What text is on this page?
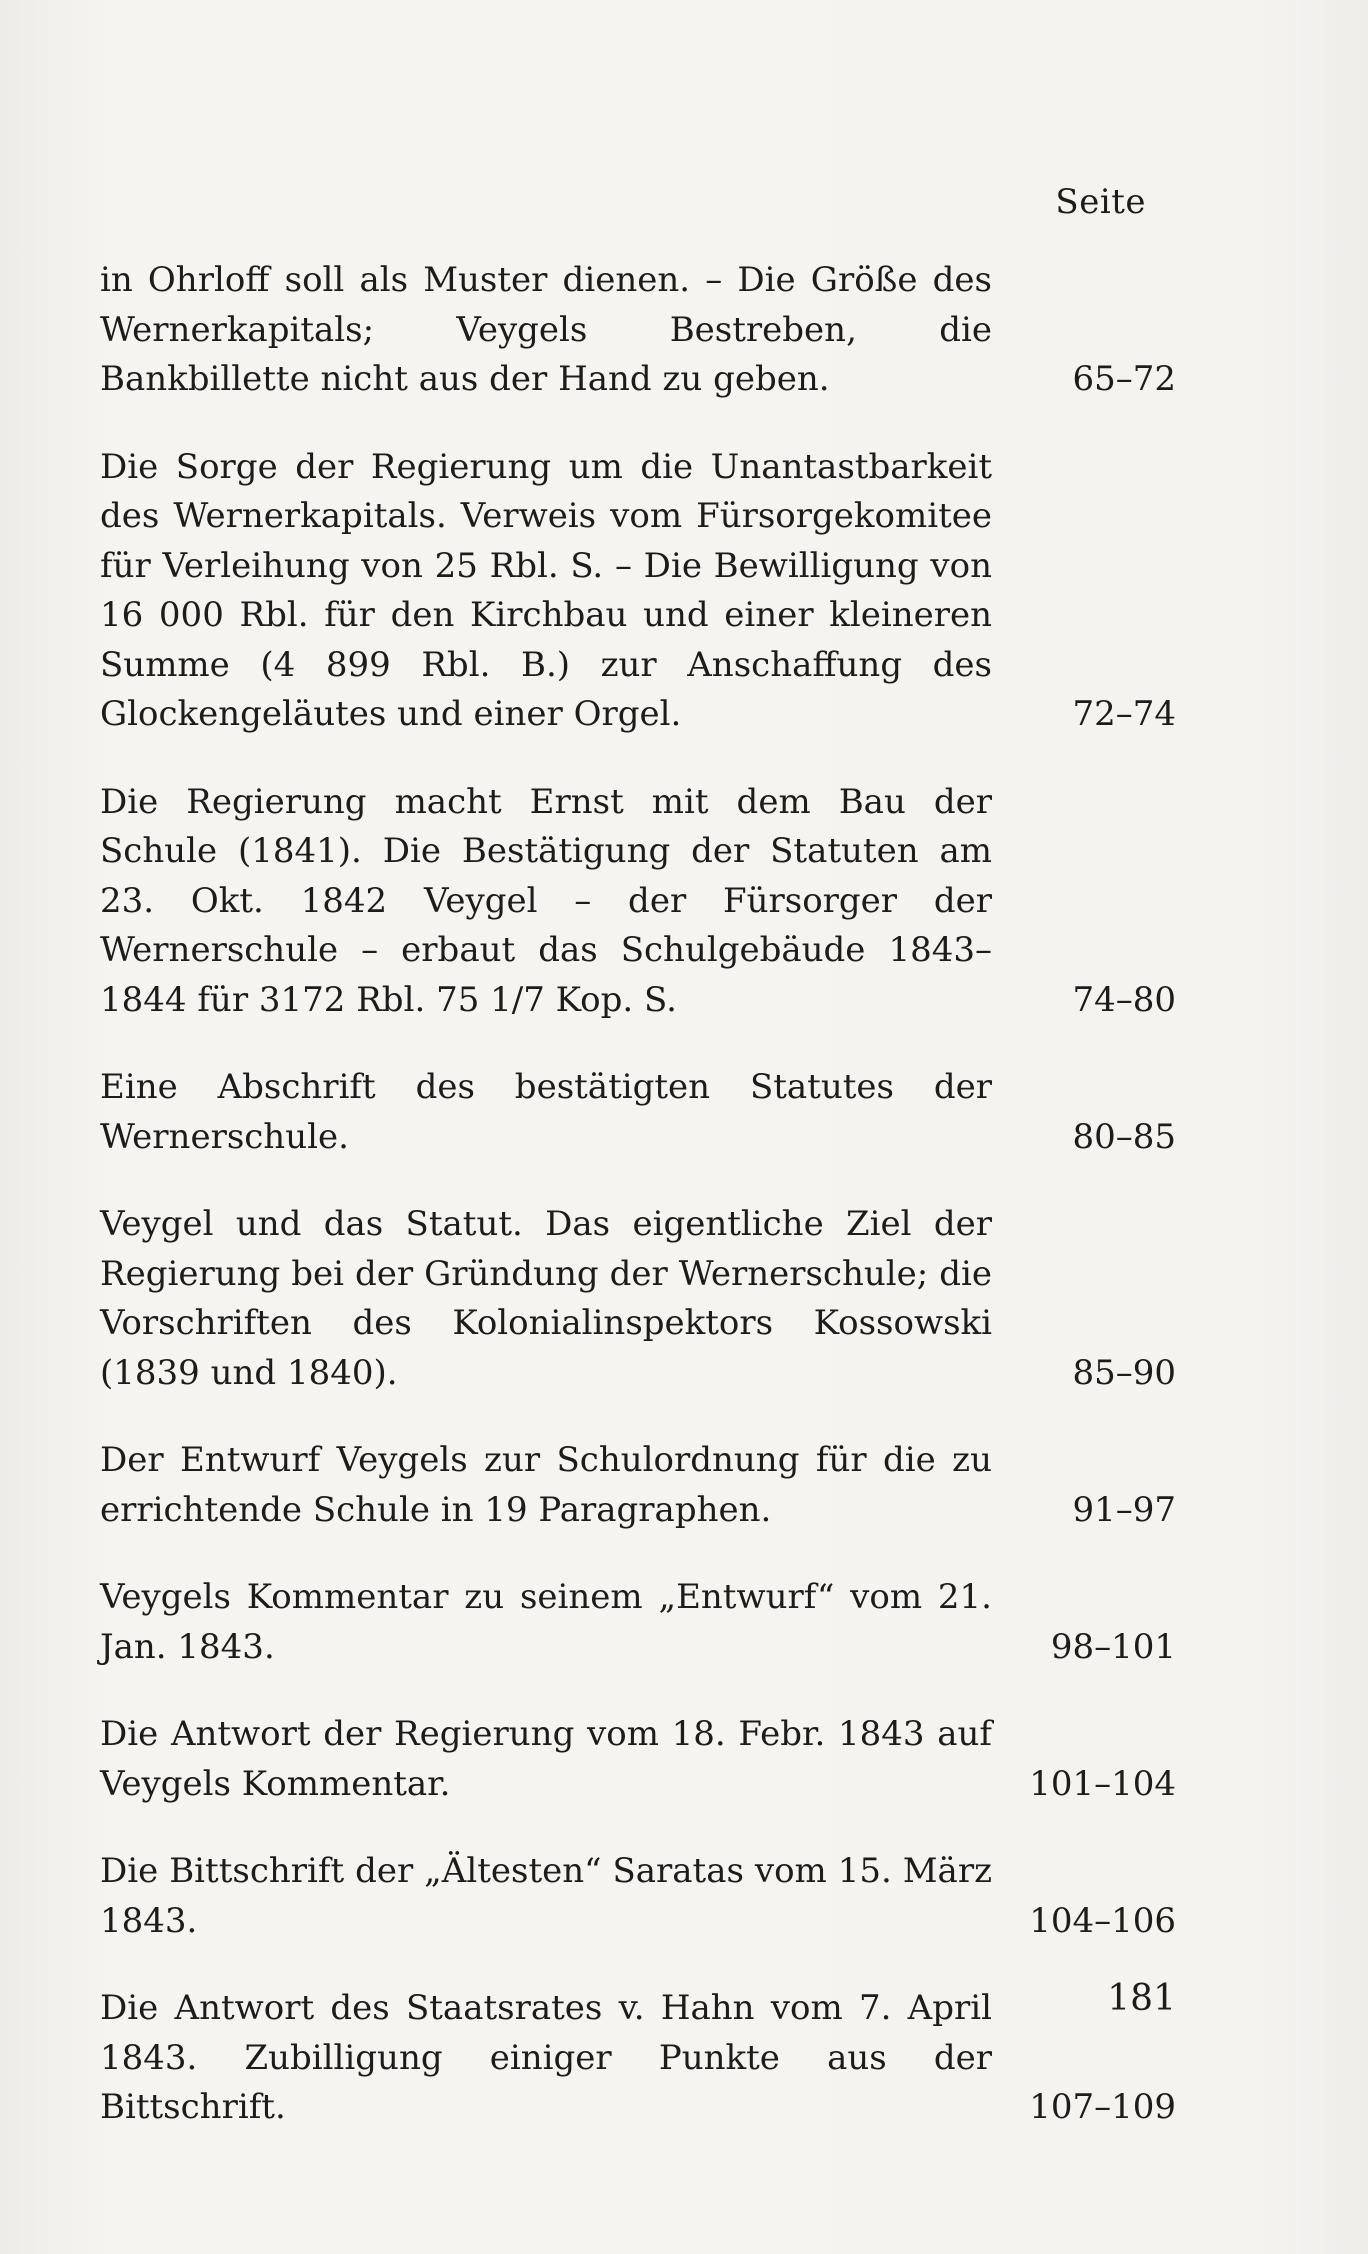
Seite
in Ohrloff soll als Muster dienen. – Die Größe des Wernerkapitals; Veygels Bestreben, die Bankbillette nicht aus der Hand zu geben.	65–72
Die Sorge der Regierung um die Unantastbarkeit des Wernerkapitals. Verweis vom Fürsorgekomitee für Verleihung von 25 Rbl. S. – Die Bewilligung von 16 000 Rbl. für den Kirchbau und einer kleineren Summe (4 899 Rbl. B.) zur Anschaffung des Glockengeläutes und einer Orgel.	72–74
Die Regierung macht Ernst mit dem Bau der Schule (1841). Die Bestätigung der Statuten am 23. Okt. 1842 Veygel – der Fürsorger der Wernerschule – erbaut das Schulgebäude 1843–1844 für 3172 Rbl. 75 1/7 Kop. S.	74–80
Eine Abschrift des bestätigten Statutes der Wernerschule.	80–85
Veygel und das Statut. Das eigentliche Ziel der Regierung bei der Gründung der Wernerschule; die Vorschriften des Kolonialinspektors Kossowski (1839 und 1840).	85–90
Der Entwurf Veygels zur Schulordnung für die zu errichtende Schule in 19 Paragraphen.	91–97
Veygels Kommentar zu seinem „Entwurf“ vom 21. Jan. 1843.	98–101
Die Antwort der Regierung vom 18. Febr. 1843 auf Veygels Kommentar.	101–104
Die Bittschrift der „Ältesten“ Saratas vom 15. März 1843.	104–106
Die Antwort des Staatsrates v. Hahn vom 7. April 1843. Zubilligung einiger Punkte aus der Bittschrift.	107–109
181
